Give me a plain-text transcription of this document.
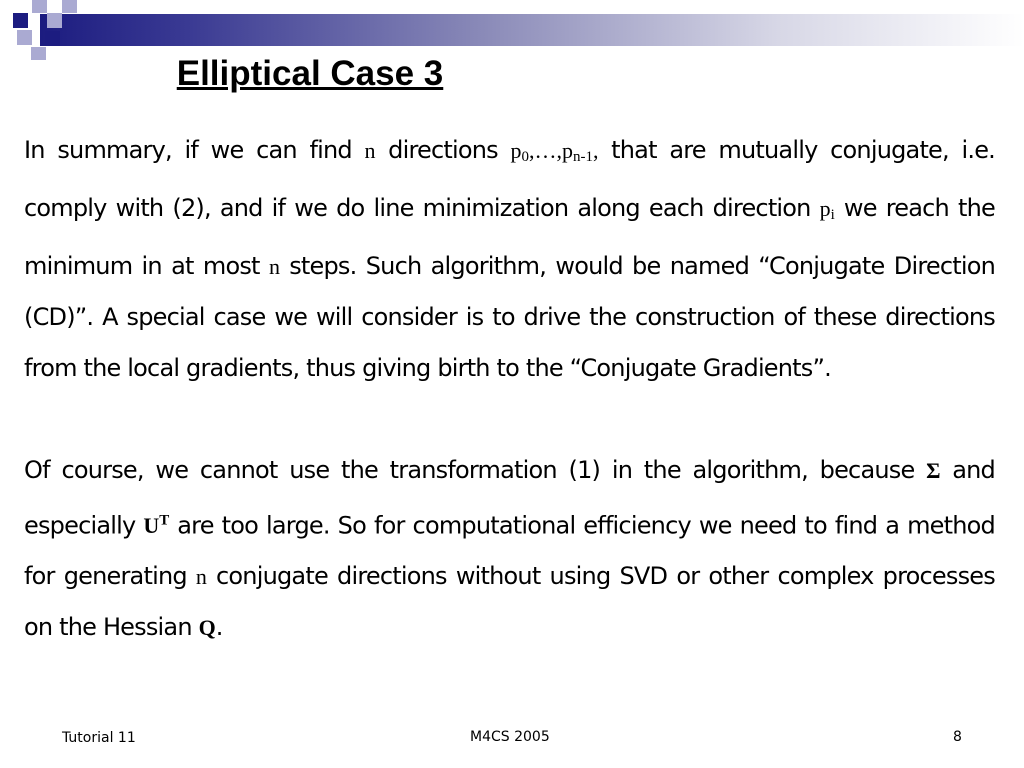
Elliptical Case 3

In summary, if we can find n directions $p_0,\dots,p_{n-1}$, that are mutually conjugate, i.e. comply with (2), and if we do line minimization along each direction $p_i$ we reach the minimum in at most n steps. Such algorithm, would be named “Conjugate Direction (CD)”. A special case we will consider is to drive the construction of these directions from the local gradients, thus giving birth to the “Conjugate Gradients”.

Of course, we cannot use the transformation (1) in the algorithm, because Σ and especially $U^T$ are too large. So for computational efficiency we need to find a method for generating n conjugate directions without using SVD or other complex processes on the Hessian Q.

Tutorial 11	M4CS 2005	8
